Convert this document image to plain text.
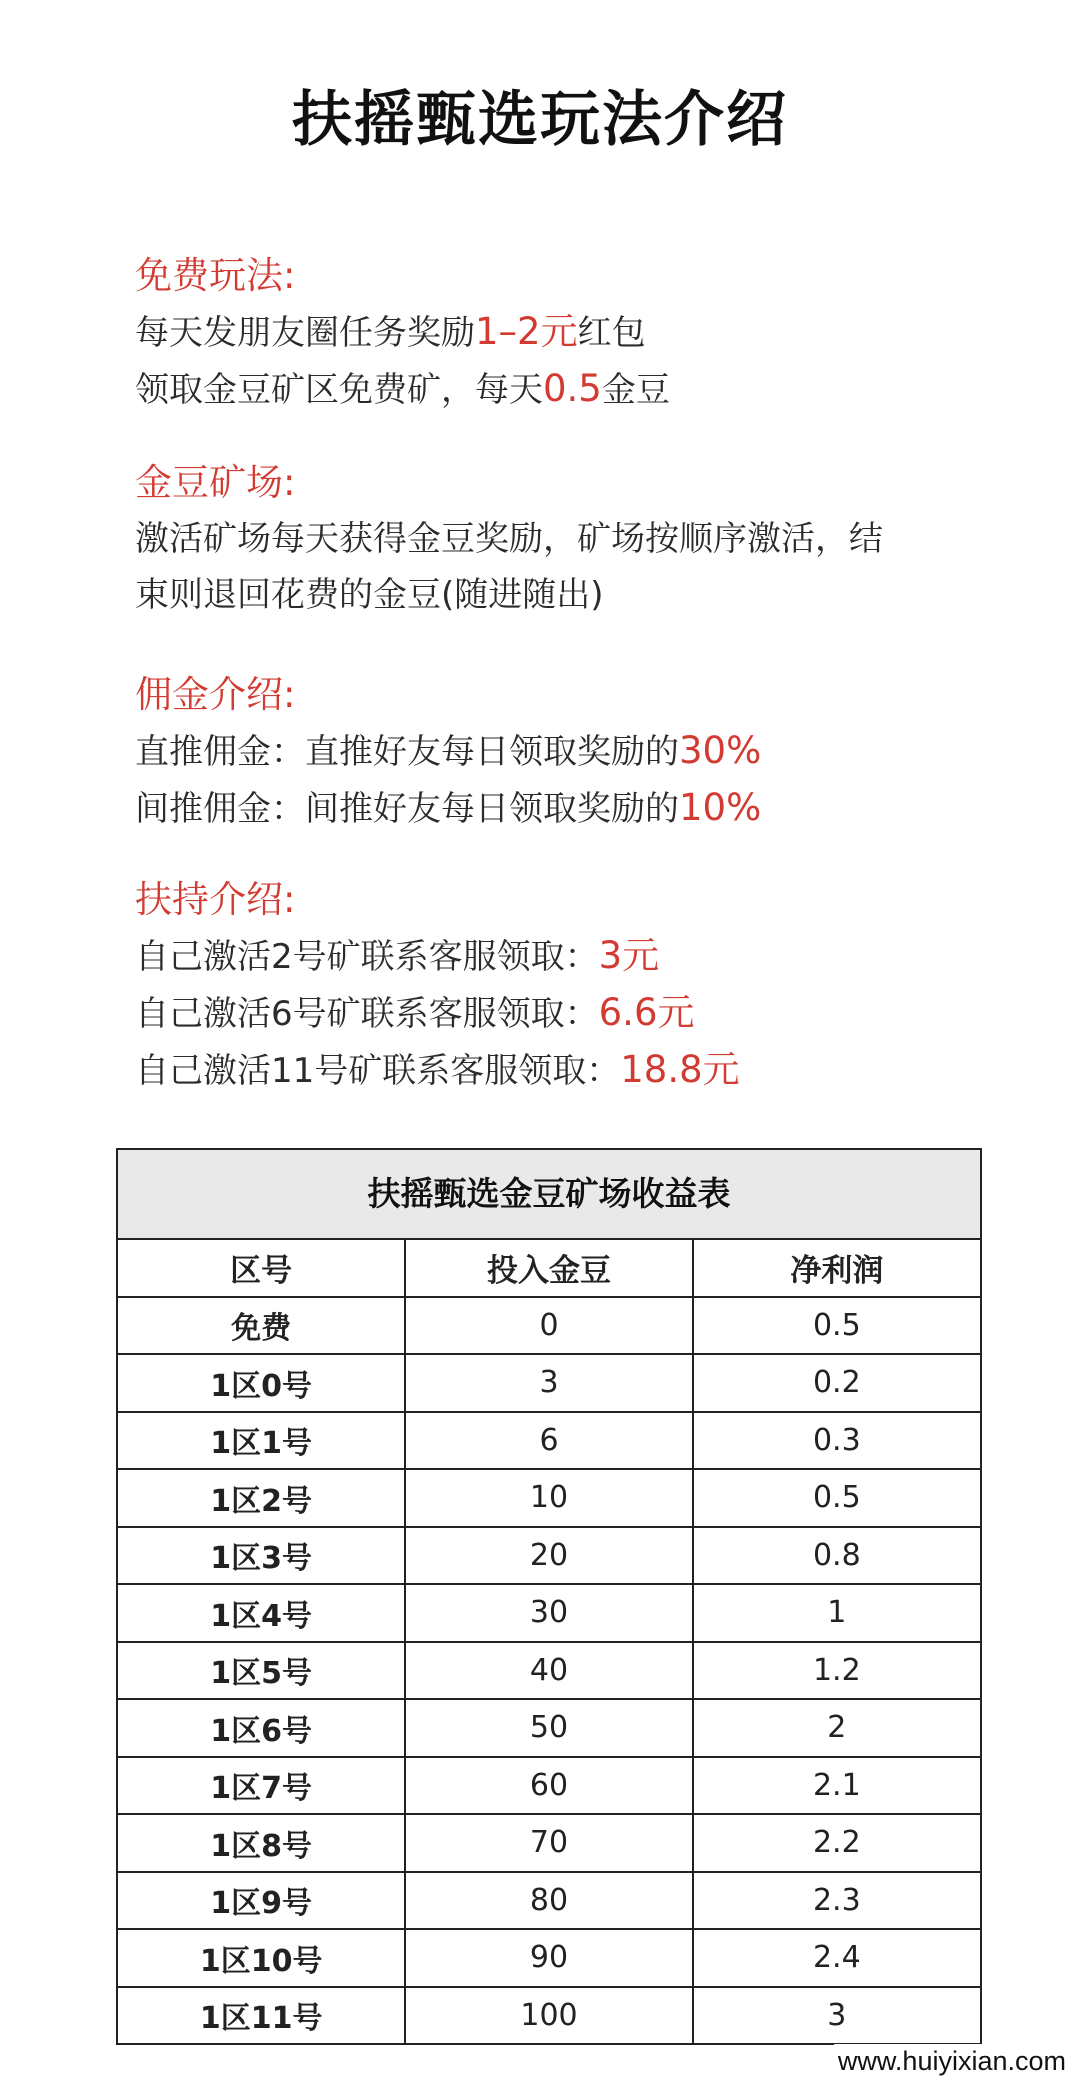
扶摇甄选玩法介绍
免费玩法:
每天发朋友圈任务奖励1–2元红包
领取金豆矿区免费矿，每天0.5金豆
金豆矿场:
激活矿场每天获得金豆奖励，矿场按顺序激活，结
束则退回花费的金豆(随进随出)
佣金介绍:
直推佣金：直推好友每日领取奖励的30%
间推佣金：间推好友每日领取奖励的10%
扶持介绍:
自己激活2号矿联系客服领取：3元
自己激活6号矿联系客服领取：6.6元
自己激活11号矿联系客服领取：18.8元
扶摇甄选金豆矿场收益表
区号	投入金豆	净利润
免费	0	0.5
1区0号	3	0.2
1区1号	6	0.3
1区2号	10	0.5
1区3号	20	0.8
1区4号	30	1
1区5号	40	1.2
1区6号	50	2
1区7号	60	2.1
1区8号	70	2.2
1区9号	80	2.3
1区10号	90	2.4
1区11号	100	3
www.huiyixian.com
